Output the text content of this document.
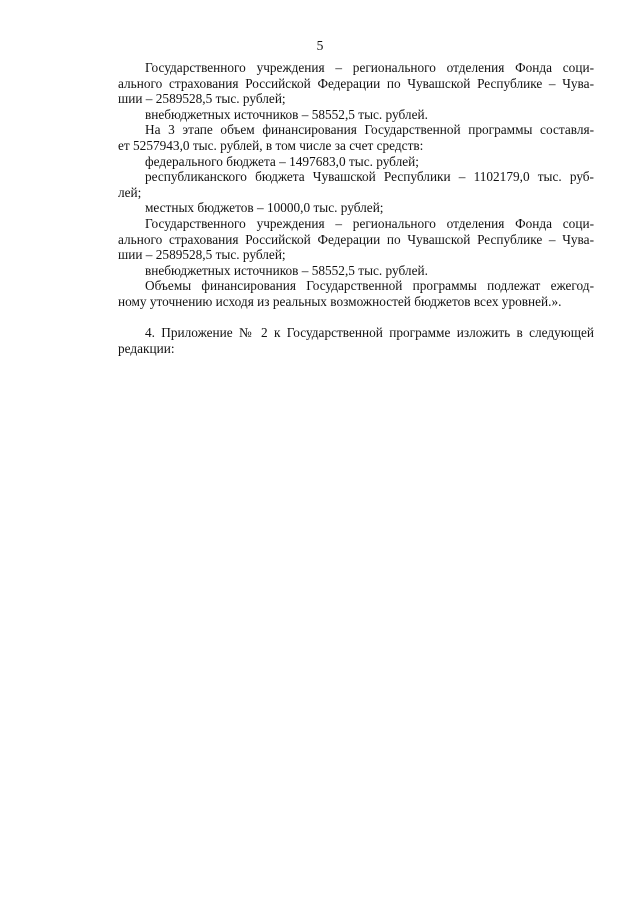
5
Государственного учреждения – регионального отделения Фонда соци-
ального страхования Российской Федерации по Чувашской Республике – Чува-
шии – 2589528,5 тыс. рублей;
внебюджетных источников – 58552,5 тыс. рублей.
На 3 этапе объем финансирования Государственной программы составля-
ет 5257943,0 тыс. рублей, в том числе за счет средств:
федерального бюджета – 1497683,0 тыс. рублей;
республиканского бюджета Чувашской Республики – 1102179,0 тыс. руб-
лей;
местных бюджетов – 10000,0 тыс. рублей;
Государственного учреждения – регионального отделения Фонда соци-
ального страхования Российской Федерации по Чувашской Республике – Чува-
шии – 2589528,5 тыс. рублей;
внебюджетных источников – 58552,5 тыс. рублей.
Объемы финансирования Государственной программы подлежат ежегод-
ному уточнению исходя из реальных возможностей бюджетов всех уровней.».
4. Приложение № 2 к Государственной программе изложить в следующей
редакции:
